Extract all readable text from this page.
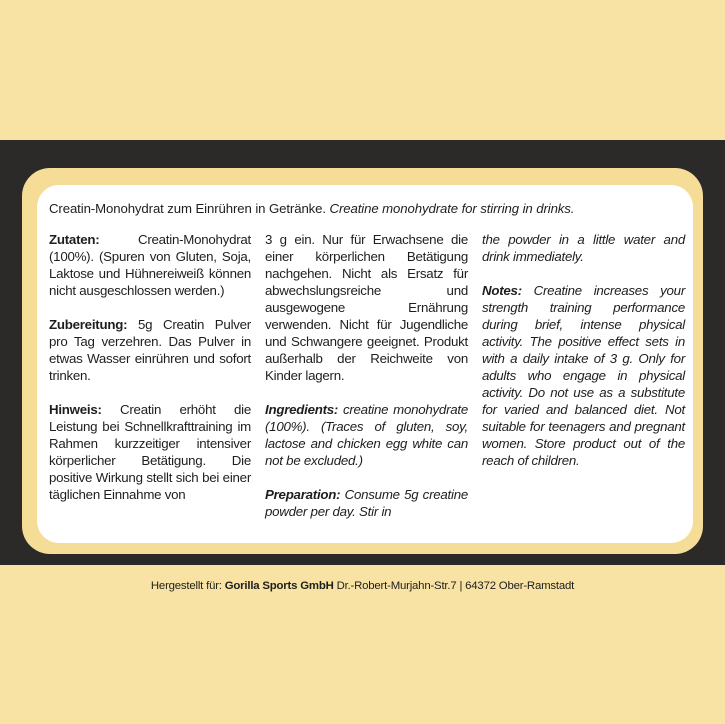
Creatin-Monohydrat zum Einrühren in Getränke. Creatine monohydrate for stirring in drinks.

Zutaten: Creatin-Monohydrat (100%). (Spuren von Gluten, Soja, Laktose und Hühnereiweiß können nicht ausgeschlossen werden.)

Zubereitung: 5g Creatin Pulver pro Tag verzehren. Das Pulver in etwas Wasser einrühren und sofort trinken.

Hinweis: Creatin erhöht die Leistung bei Schnellkrafttraining im Rahmen kurzzeitiger intensiver körperlicher Betätigung. Die positive Wirkung stellt sich bei einer täglichen Einnahme von

3 g ein. Nur für Erwachsene die einer körperlichen Betätigung nachgehen. Nicht als Ersatz für abwechslungsreiche und ausgewogene Ernährung verwenden. Nicht für Jugendliche und Schwangere geeignet. Produkt außerhalb der Reichweite von Kinder lagern.

Ingredients: creatine monohydrate (100%). (Traces of gluten, soy, lactose and chicken egg white can not be excluded.)

Preparation: Consume 5g creatine powder per day. Stir in

the powder in a little water and drink immediately.

Notes: Creatine increases your strength training performance during brief, intense physical activity. The positive effect sets in with a daily intake of 3 g. Only for adults who engage in physical activity. Do not use as a substitute for varied and balanced diet. Not suitable for teenagers and pregnant women. Store product out of the reach of children.

Hergestellt für: Gorilla Sports GmbH Dr.-Robert-Murjahn-Str.7 | 64372 Ober-Ramstadt
